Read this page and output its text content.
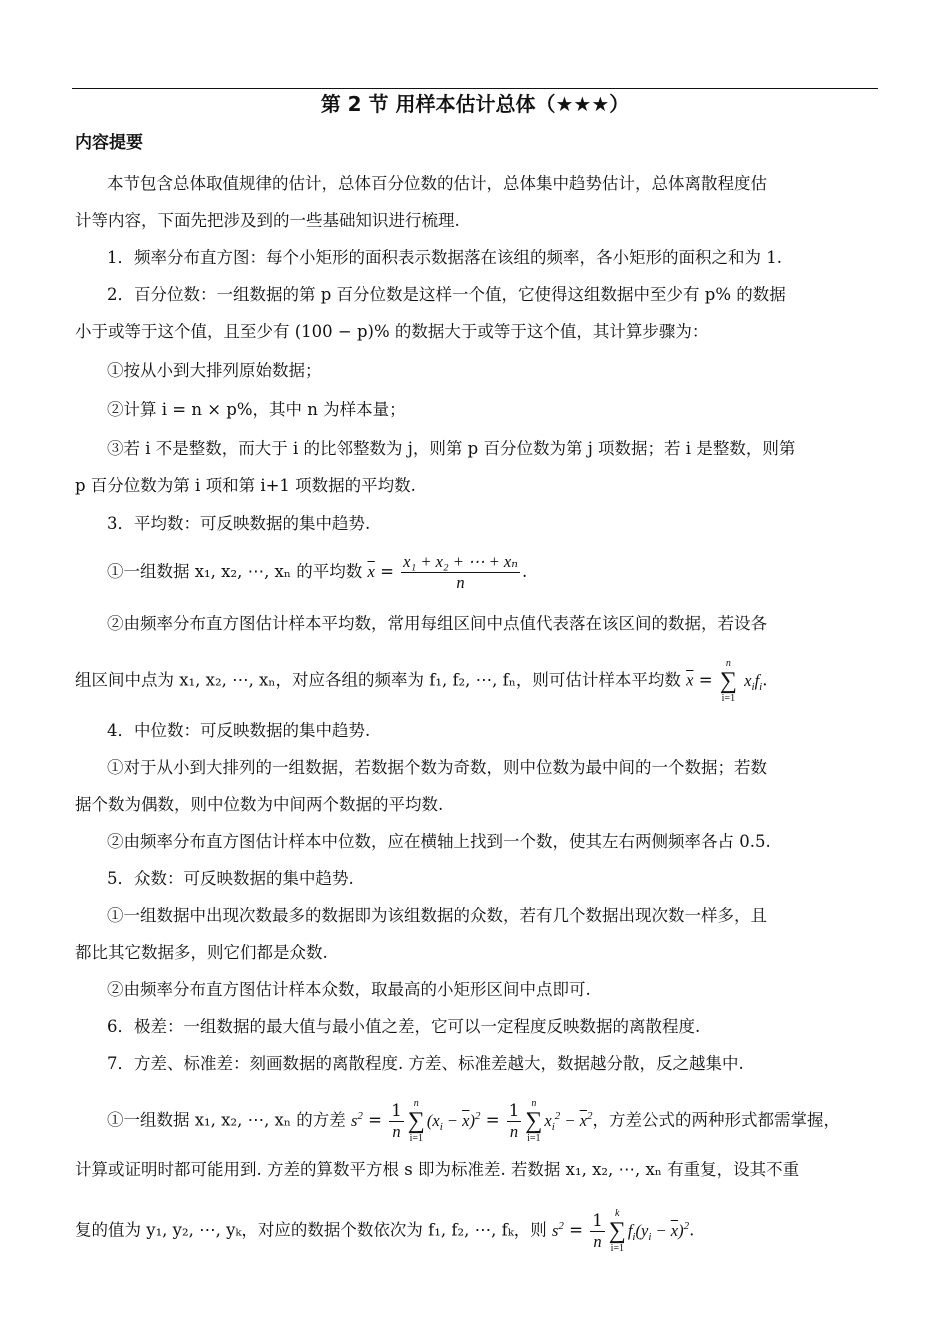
第 2 节 用样本估计总体（★★★）
内容提要
本节包含总体取值规律的估计，总体百分位数的估计，总体集中趋势估计，总体离散程度估
计等内容，下面先把涉及到的一些基础知识进行梳理.
1．频率分布直方图：每个小矩形的面积表示数据落在该组的频率，各小矩形的面积之和为 1.
2．百分位数：一组数据的第 p 百分位数是这样一个值，它使得这组数据中至少有 p% 的数据
小于或等于这个值，且至少有 (100 − p)% 的数据大于或等于这个值，其计算步骤为：
①按从小到大排列原始数据；
②计算 i = n × p%，其中 n 为样本量；
③若 i 不是整数，而大于 i 的比邻整数为 j，则第 p 百分位数为第 j 项数据；若 i 是整数，则第
p 百分位数为第 i 项和第 i+1 项数据的平均数.
3．平均数：可反映数据的集中趋势.
①一组数据 x₁, x₂, ⋯, xₙ 的平均数 $\overline{x} = \frac{\text{x₁ + x₂ + ⋯ + xₙ}}{n}$ .
②由频率分布直方图估计样本平均数，常用每组区间中点值代表落在该区间的数据，若设各
组区间中点为 x₁, x₂, ⋯, xₙ，对应各组的频率为 f₁, f₂, ⋯, fₙ，则可估计样本平均数 $\overline{x}$ =
n
∑
i=1
$x_if_i$.
4．中位数：可反映数据的集中趋势.
①对于从小到大排列的一组数据，若数据个数为奇数，则中位数为最中间的一个数据；若数
据个数为偶数，则中位数为中间两个数据的平均数.
②由频率分布直方图估计样本中位数，应在横轴上找到一个数，使其左右两侧频率各占 0.5.
5．众数：可反映数据的集中趋势.
①一组数据中出现次数最多的数据即为该组数据的众数，若有几个数据出现次数一样多，且
都比其它数据多，则它们都是众数.
②由频率分布直方图估计样本众数，取最高的小矩形区间中点即可.
6．极差：一组数据的最大值与最小值之差，它可以一定程度反映数据的离散程度.
7．方差、标准差：刻画数据的离散程度. 方差、标准差越大，数据越分散，反之越集中.
①一组数据 x₁, x₂, ⋯, xₙ 的方差 $s^2 = \frac{1}{n}$	n
∑
i=1
$(x_i - \overline{x})^2 = \frac{1}{n}$	n
∑
i=1
$x_i^2 - \overline{x}^2$，方差公式的两种形式都需掌握，
计算或证明时都可能用到. 方差的算数平方根 s 即为标准差. 若数据 x₁, x₂, ⋯, xₙ 有重复，设其不重
复的值为 y₁, y₂, ⋯, yₖ，对应的数据个数依次为 f₁, f₂, ⋯, fₖ，则 $s^2 = \frac{1}{n}$	k
∑
i=1
$f_i(y_i - \overline{x})^2$.
